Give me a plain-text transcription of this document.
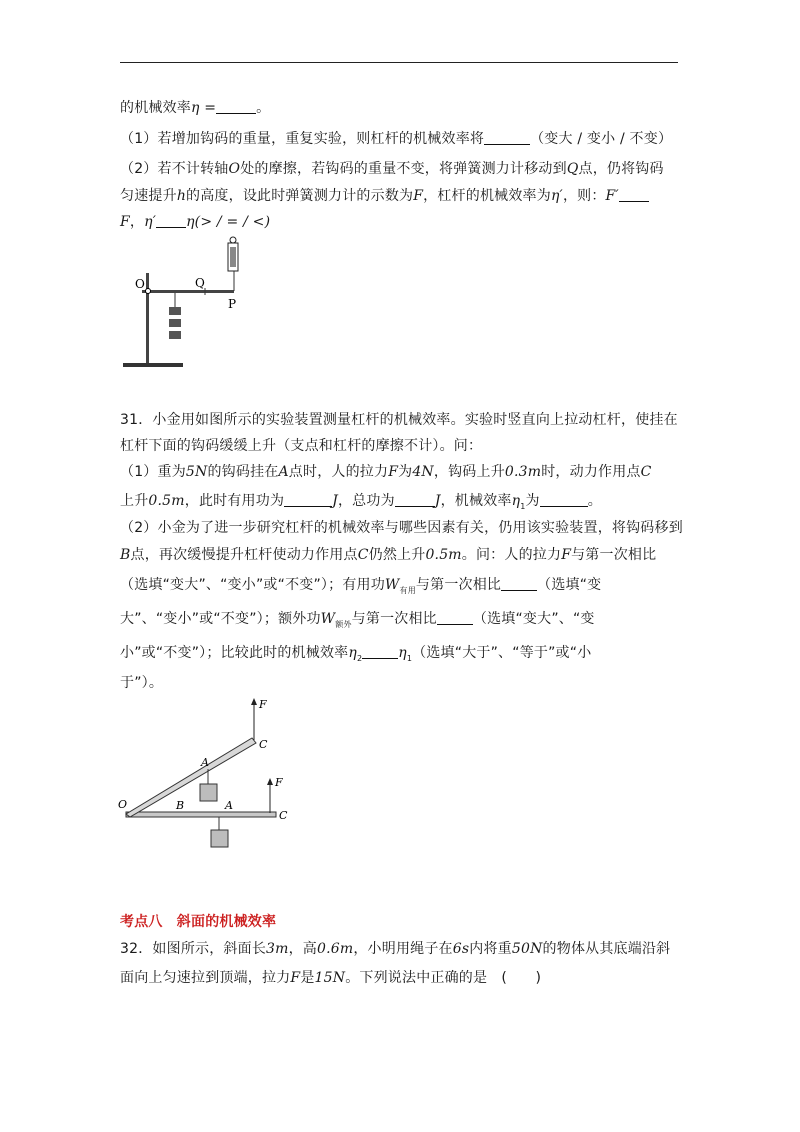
的机械效率η =	。
（1）若增加钩码的重量，重复实验，则杠杆的机械效率将	（变大 / 变小 / 不变）
（2）若不计转轴O处的摩擦，若钩码的重量不变，将弹簧测力计移动到Q点，仍将钩码
匀速提升h的高度，设此时弹簧测力计的示数为F，杠杆的机械效率为η′，则：F′
F，η′ η(> / = / <)
O	Q
P
31．小金用如图所示的实验装置测量杠杆的机械效率。实验时竖直向上拉动杠杆，使挂在
杠杆下面的钩码缓缓上升（支点和杠杆的摩擦不计）。问：
（1）重为5N的钩码挂在A点时，人的拉力F为4N，钩码上升0.3m时，动力作用点C
上升0.5m，此时有用功为	J，总功为	J，机械效率$\eta_1$为	。
（2）小金为了进一步研究杠杆的机械效率与哪些因素有关，仍用该实验装置，将钩码移到
B点，再次缓慢提升杠杆使动力作用点C仍然上升0.5m。问：人的拉力F与第一次相比
（选填“变大”、“变小”或“不变”）；有用功$W_{有用}$与第一次相比	（选填“变
大”、“变小”或“不变”）；额外功$W_{额外}$与第一次相比	（选填“变大”、“变
小”或“不变”）；比较此时的机械效率$\eta_2$	$\eta_1$（选填“大于”、“等于”或“小
于”）。
F
C
A
O	B	A
F
C
考点八　斜面的机械效率
32．如图所示，斜面长3m，高0.6m，小明用绳子在6s内将重50N的物体从其底端沿斜
面向上匀速拉到顶端，拉力F是15N。下列说法中正确的是　(　　)
